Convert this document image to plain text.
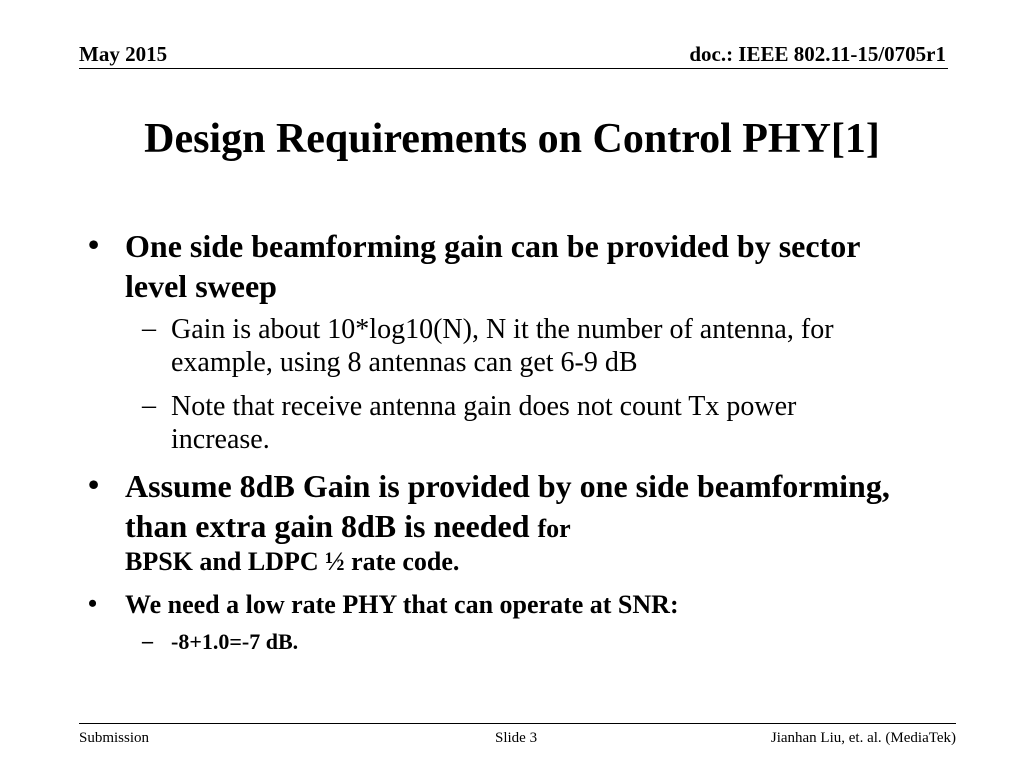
May 2015	doc.: IEEE 802.11-15/0705r1
Design Requirements on Control PHY[1]
• One side beamforming gain can be provided by sector level sweep
– Gain is about 10*log10(N), N it the number of antenna, for example, using 8 antennas can get 6-9 dB
– Note that receive antenna gain does not count Tx power increase.
• Assume 8dB Gain is provided by one side beamforming, than extra gain 8dB is needed for
BPSK and LDPC ½ rate code.
• We need a low rate PHY that can operate at SNR:
– -8+1.0=-7 dB.
Submission	Slide 3	Jianhan Liu, et. al. (MediaTek)
